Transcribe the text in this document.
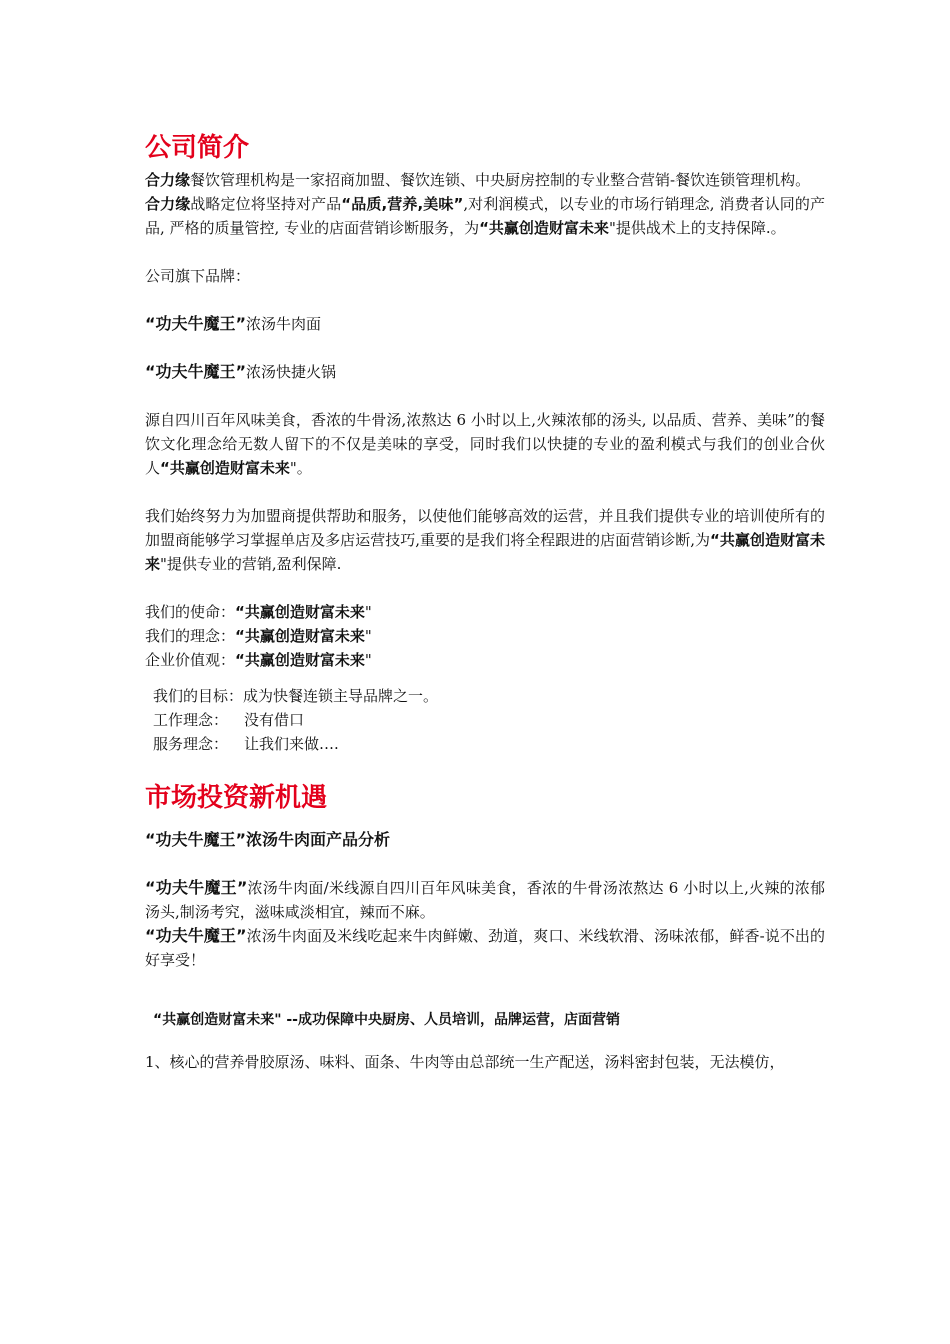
公司简介

合力缘餐饮管理机构是一家招商加盟、餐饮连锁、中央厨房控制的专业整合营销-餐饮连锁管理机构。

合力缘战略定位将坚持对产品“品质,营养,美味”,对利润模式，以专业的市场行销理念, 消费者认同的产品, 严格的质量管控, 专业的店面营销诊断服务，为“共赢创造财富未来"提供战术上的支持保障.。

公司旗下品牌：

“功夫牛魔王”浓汤牛肉面

“功夫牛魔王”浓汤快捷火锅

源自四川百年风味美食，香浓的牛骨汤,浓熬达 6 小时以上,火辣浓郁的汤头, 以品质、营养、美味”的餐饮文化理念给无数人留下的不仅是美味的享受，同时我们以快捷的专业的盈利模式与我们的创业合伙人“共赢创造财富未来"。

我们始终努力为加盟商提供帮助和服务，以使他们能够高效的运营，并且我们提供专业的培训使所有的加盟商能够学习掌握单店及多店运营技巧,重要的是我们将全程跟进的店面营销诊断,为“共赢创造财富未来"提供专业的营销,盈利保障.

我们的使命：“共赢创造财富未来"

我们的理念：“共赢创造财富未来"

企业价值观：“共赢创造财富未来"

我们的目标：成为快餐连锁主导品牌之一。

工作理念： 没有借口

服务理念： 让我们来做….

市场投资新机遇

“功夫牛魔王”浓汤牛肉面产品分析

“功夫牛魔王”浓汤牛肉面/米线源自四川百年风味美食，香浓的牛骨汤浓熬达 6 小时以上,火辣的浓郁汤头,制汤考究，滋味咸淡相宜，辣而不麻。

“功夫牛魔王”浓汤牛肉面及米线吃起来牛肉鲜嫩、劲道，爽口、米线软滑、汤味浓郁，鲜香-说不出的好享受！

“共赢创造财富未来" --成功保障中央厨房、人员培训，品牌运营，店面营销

1、核心的营养骨胶原汤、味料、面条、牛肉等由总部统一生产配送，汤料密封包装，无法模仿，
